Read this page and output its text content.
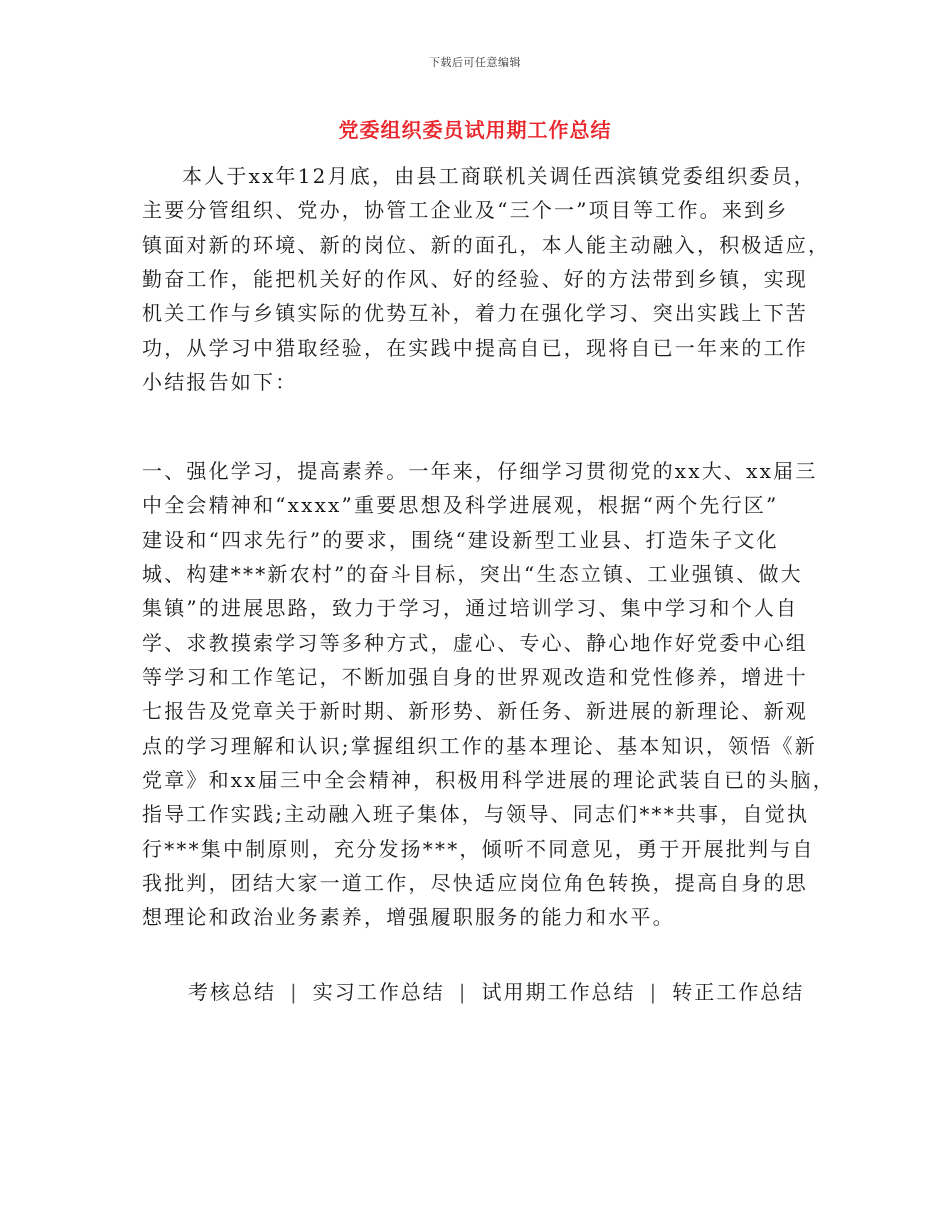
下载后可任意编辑
党委组织委员试用期工作总结
本人于xx年12月底，由县工商联机关调任西滨镇党委组织委员，
主要分管组织、党办，协管工企业及“三个一”项目等工作。来到乡
镇面对新的环境、新的岗位、新的面孔，本人能主动融入，积极适应，
勤奋工作，能把机关好的作风、好的经验、好的方法带到乡镇，实现
机关工作与乡镇实际的优势互补，着力在强化学习、突出实践上下苦
功，从学习中猎取经验，在实践中提高自已，现将自已一年来的工作
小结报告如下：
一、强化学习，提高素养。一年来，仔细学习贯彻党的xx大、xx届三
中全会精神和“xxxx”重要思想及科学进展观，根据“两个先行区”
建设和“四求先行”的要求，围绕“建设新型工业县、打造朱子文化
城、构建***新农村”的奋斗目标，突出“生态立镇、工业强镇、做大
集镇”的进展思路，致力于学习，通过培训学习、集中学习和个人自
学、求教摸索学习等多种方式，虚心、专心、静心地作好党委中心组
等学习和工作笔记，不断加强自身的世界观改造和党性修养，增进十
七报告及党章关于新时期、新形势、新任务、新进展的新理论、新观
点的学习理解和认识;掌握组织工作的基本理论、基本知识，领悟《新
党章》和xx届三中全会精神，积极用科学进展的理论武装自已的头脑，
指导工作实践;主动融入班子集体，与领导、同志们***共事，自觉执
行***集中制原则，充分发扬***，倾听不同意见，勇于开展批判与自
我批判，团结大家一道工作，尽快适应岗位角色转换，提高自身的思
想理论和政治业务素养，增强履职服务的能力和水平。
考核总结 | 实习工作总结 | 试用期工作总结 | 转正工作总结
